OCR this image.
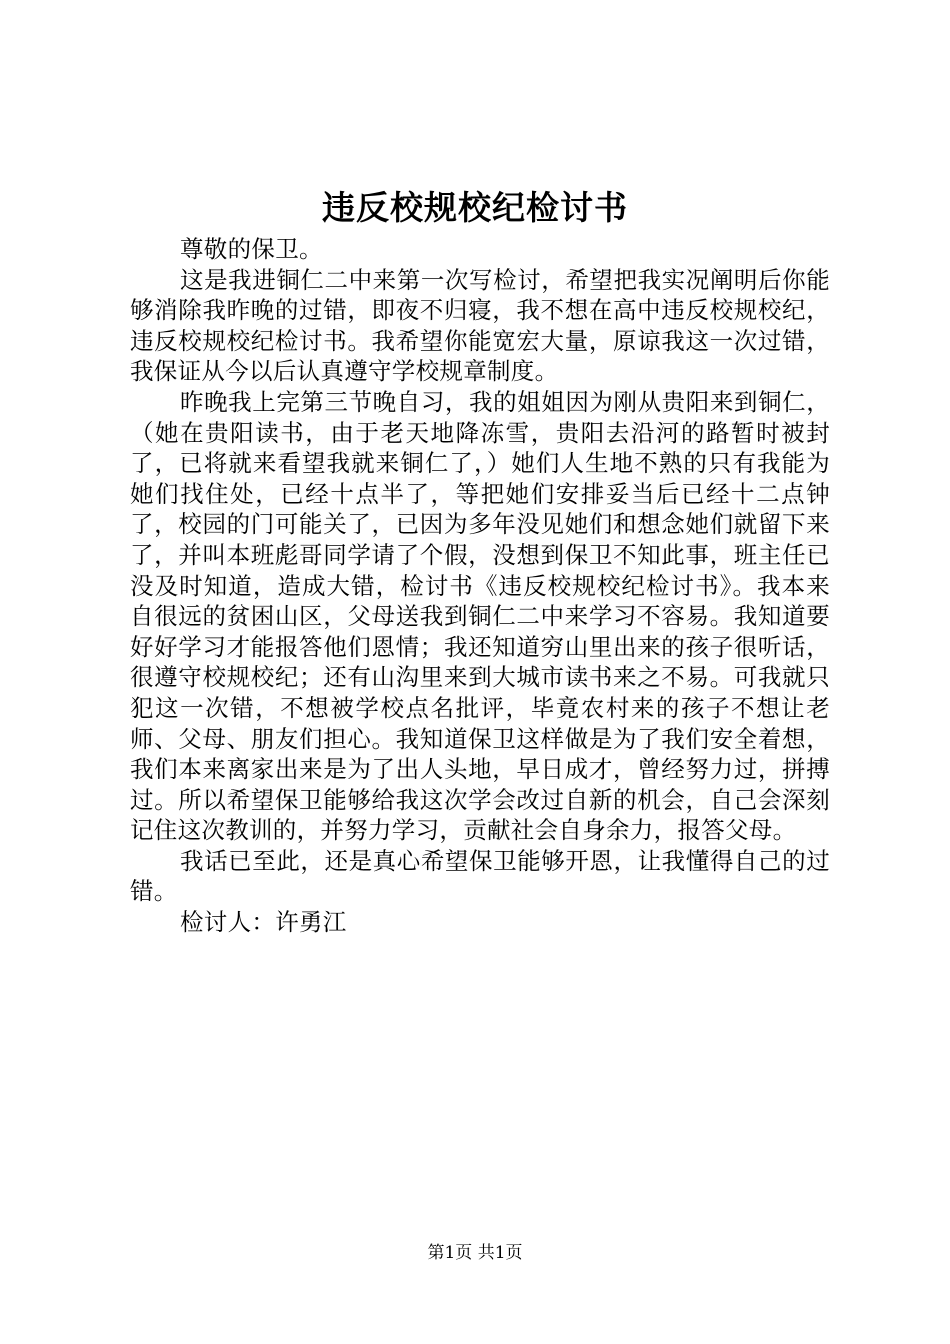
违反校规校纪检讨书

尊敬的保卫。

这是我进铜仁二中来第一次写检讨，希望把我实况阐明后你能够消除我昨晚的过错，即夜不归寝，我不想在高中违反校规校纪，违反校规校纪检讨书。我希望你能宽宏大量，原谅我这一次过错，我保证从今以后认真遵守学校规章制度。

昨晚我上完第三节晚自习，我的姐姐因为刚从贵阳来到铜仁，（她在贵阳读书，由于老天地降冻雪，贵阳去沿河的路暂时被封了，已将就来看望我就来铜仁了，）她们人生地不熟的只有我能为她们找住处，已经十点半了，等把她们安排妥当后已经十二点钟了，校园的门可能关了，已因为多年没见她们和想念她们就留下来了，并叫本班彪哥同学请了个假，没想到保卫不知此事，班主任已没及时知道，造成大错，检讨书《违反校规校纪检讨书》。我本来自很远的贫困山区，父母送我到铜仁二中来学习不容易。我知道要好好学习才能报答他们恩情；我还知道穷山里出来的孩子很听话，很遵守校规校纪；还有山沟里来到大城市读书来之不易。可我就只犯这一次错，不想被学校点名批评，毕竟农村来的孩子不想让老师、父母、朋友们担心。我知道保卫这样做是为了我们安全着想，我们本来离家出来是为了出人头地，早日成才，曾经努力过，拼搏过。所以希望保卫能够给我这次学会改过自新的机会，自己会深刻记住这次教训的，并努力学习，贡献社会自身余力，报答父母。

我话已至此，还是真心希望保卫能够开恩，让我懂得自己的过错。

检讨人：许勇江

第1页 共1页
